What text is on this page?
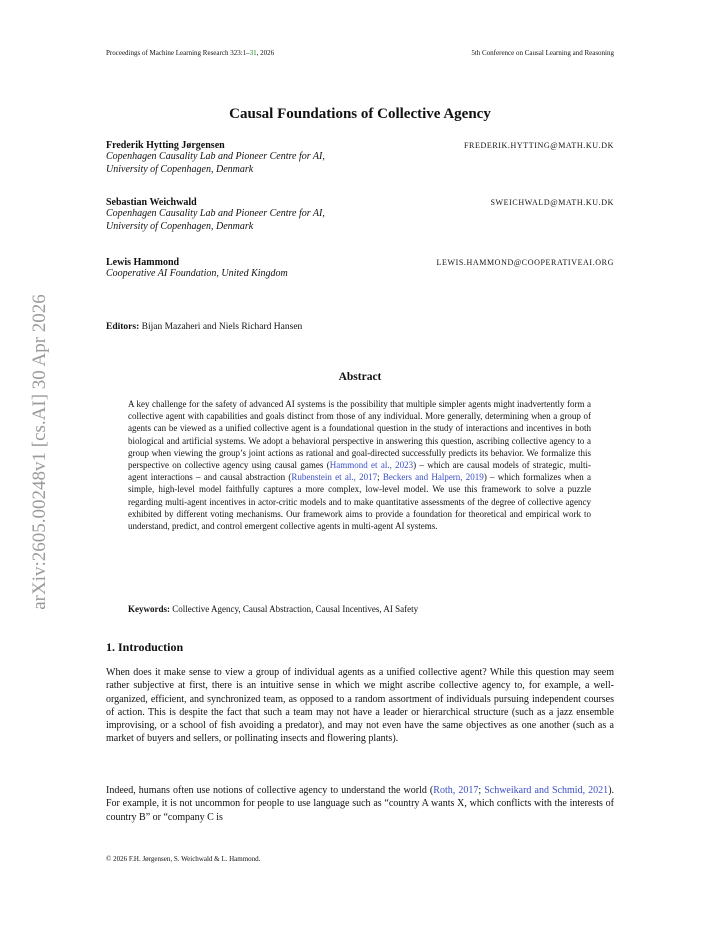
Proceedings of Machine Learning Research 323:1–31, 2026	5th Conference on Causal Learning and Reasoning
arXiv:2605.00248v1 [cs.AI] 30 Apr 2026
Causal Foundations of Collective Agency
Frederik Hytting Jørgensen	FREDERIK.HYTTING@MATH.KU.DK
Copenhagen Causality Lab and Pioneer Centre for AI,
University of Copenhagen, Denmark
Sebastian Weichwald	SWEICHWALD@MATH.KU.DK
Copenhagen Causality Lab and Pioneer Centre for AI,
University of Copenhagen, Denmark
Lewis Hammond	LEWIS.HAMMOND@COOPERATIVEAI.ORG
Cooperative AI Foundation, United Kingdom
Editors: Bijan Mazaheri and Niels Richard Hansen
Abstract
A key challenge for the safety of advanced AI systems is the possibility that multiple simpler agents might inadvertently form a collective agent with capabilities and goals distinct from those of any individual. More generally, determining when a group of agents can be viewed as a unified collective agent is a foundational question in the study of interactions and incentives in both biological and artificial systems. We adopt a behavioral perspective in answering this question, ascribing collective agency to a group when viewing the group’s joint actions as rational and goal-directed successfully predicts its behavior. We formalize this perspective on collective agency using causal games (Hammond et al., 2023) – which are causal models of strategic, multi-agent interactions – and causal abstraction (Rubenstein et al., 2017; Beckers and Halpern, 2019) – which formalizes when a simple, high-level model faithfully captures a more complex, low-level model. We use this framework to solve a puzzle regarding multi-agent incentives in actor-critic models and to make quantitative assessments of the degree of collective agency exhibited by different voting mechanisms. Our framework aims to provide a foundation for theoretical and empirical work to understand, predict, and control emergent collective agents in multi-agent AI systems.
Keywords: Collective Agency, Causal Abstraction, Causal Incentives, AI Safety
1. Introduction
When does it make sense to view a group of individual agents as a unified collective agent? While this question may seem rather subjective at first, there is an intuitive sense in which we might ascribe collective agency to, for example, a well-organized, efficient, and synchronized team, as opposed to a random assortment of individuals pursuing independent courses of action. This is despite the fact that such a team may not have a leader or hierarchical structure (such as a jazz ensemble improvising, or a school of fish avoiding a predator), and may not even have the same objectives as one another (such as a market of buyers and sellers, or pollinating insects and flowering plants).
Indeed, humans often use notions of collective agency to understand the world (Roth, 2017; Schweikard and Schmid, 2021). For example, it is not uncommon for people to use language such as “country A wants X, which conflicts with the interests of country B” or “company C is
© 2026 F.H. Jørgensen, S. Weichwald & L. Hammond.
